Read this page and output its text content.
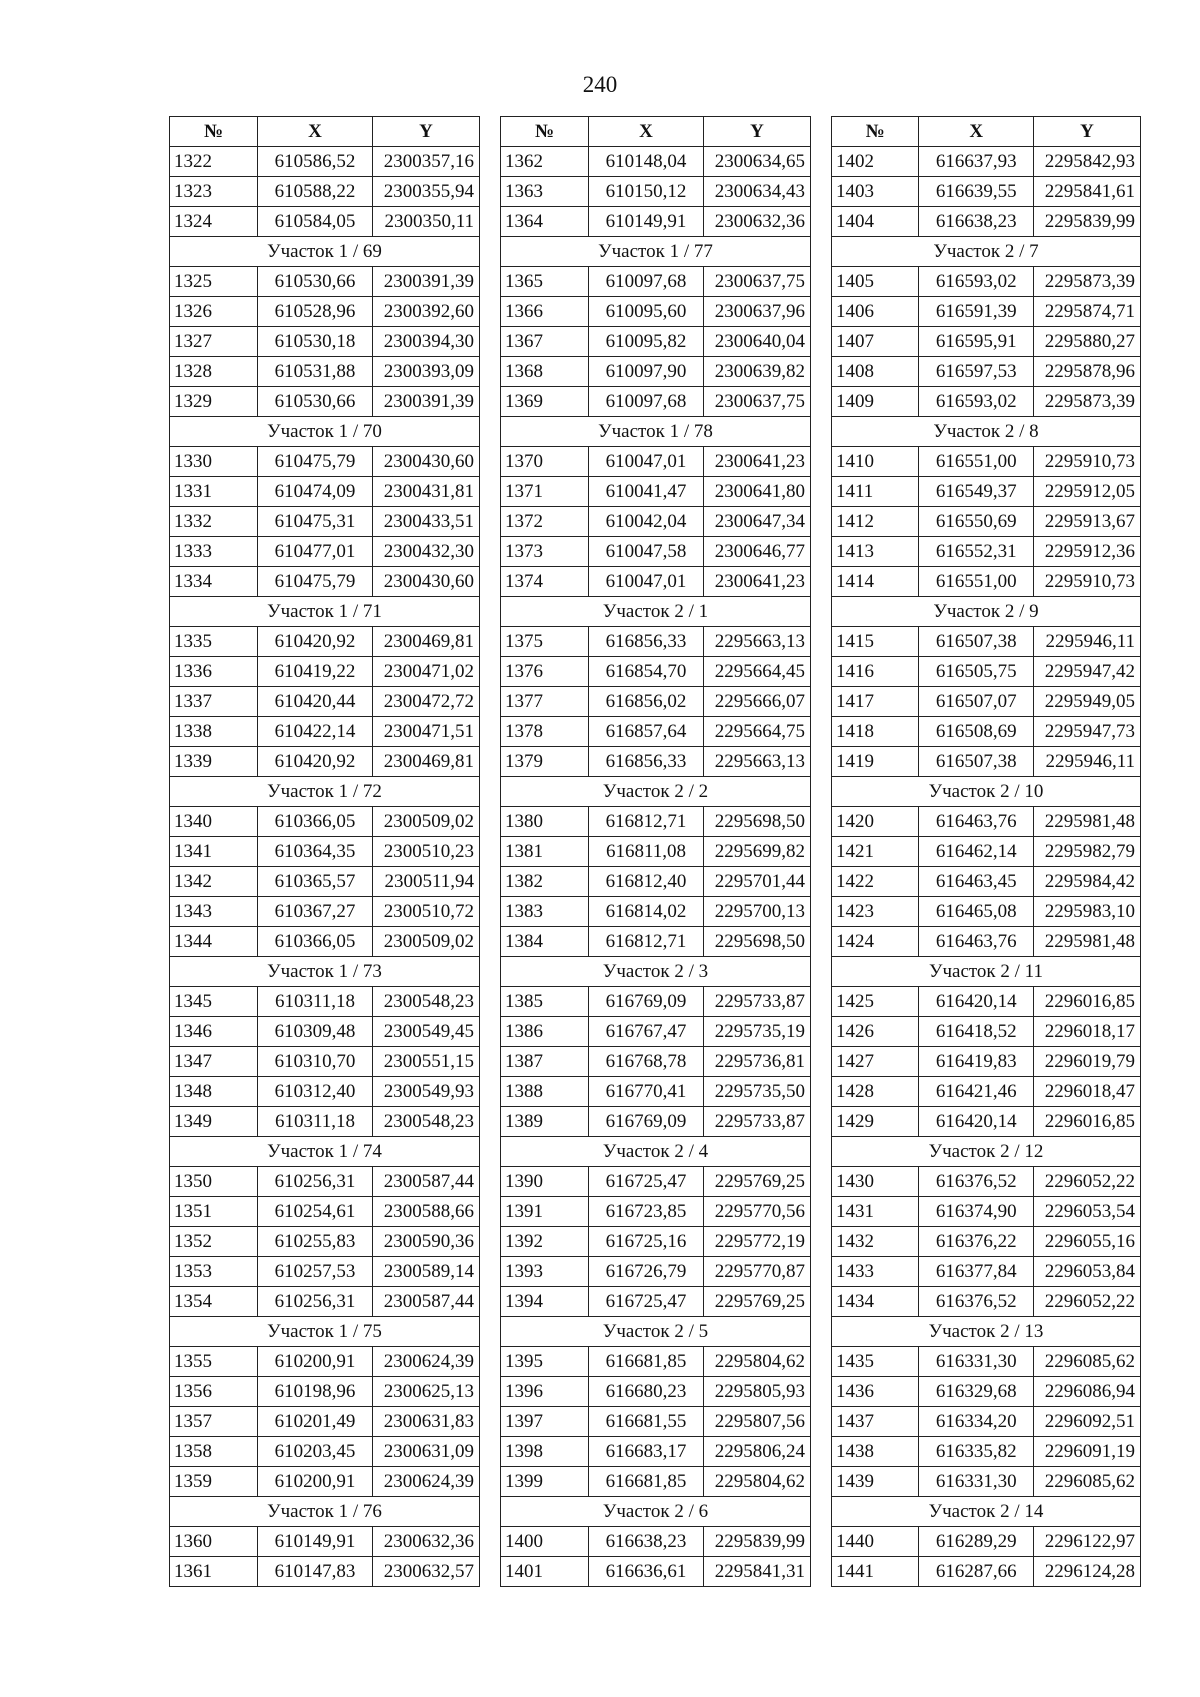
240
№	X	Y
1322	610586,52	2300357,16
1323	610588,22	2300355,94
1324	610584,05	2300350,11
Участок 1 / 69		
1325	610530,66	2300391,39
1326	610528,96	2300392,60
1327	610530,18	2300394,30
1328	610531,88	2300393,09
1329	610530,66	2300391,39
Участок 1 / 70		
1330	610475,79	2300430,60
1331	610474,09	2300431,81
1332	610475,31	2300433,51
1333	610477,01	2300432,30
1334	610475,79	2300430,60
Участок 1 / 71		
1335	610420,92	2300469,81
1336	610419,22	2300471,02
1337	610420,44	2300472,72
1338	610422,14	2300471,51
1339	610420,92	2300469,81
Участок 1 / 72		
1340	610366,05	2300509,02
1341	610364,35	2300510,23
1342	610365,57	2300511,94
1343	610367,27	2300510,72
1344	610366,05	2300509,02
Участок 1 / 73		
1345	610311,18	2300548,23
1346	610309,48	2300549,45
1347	610310,70	2300551,15
1348	610312,40	2300549,93
1349	610311,18	2300548,23
Участок 1 / 74		
1350	610256,31	2300587,44
1351	610254,61	2300588,66
1352	610255,83	2300590,36
1353	610257,53	2300589,14
1354	610256,31	2300587,44
Участок 1 / 75		
1355	610200,91	2300624,39
1356	610198,96	2300625,13
1357	610201,49	2300631,83
1358	610203,45	2300631,09
1359	610200,91	2300624,39
Участок 1 / 76		
1360	610149,91	2300632,36
1361	610147,83	2300632,57
№	X	Y
1362	610148,04	2300634,65
1363	610150,12	2300634,43
1364	610149,91	2300632,36
Участок 1 / 77		
1365	610097,68	2300637,75
1366	610095,60	2300637,96
1367	610095,82	2300640,04
1368	610097,90	2300639,82
1369	610097,68	2300637,75
Участок 1 / 78		
1370	610047,01	2300641,23
1371	610041,47	2300641,80
1372	610042,04	2300647,34
1373	610047,58	2300646,77
1374	610047,01	2300641,23
Участок 2 / 1		
1375	616856,33	2295663,13
1376	616854,70	2295664,45
1377	616856,02	2295666,07
1378	616857,64	2295664,75
1379	616856,33	2295663,13
Участок 2 / 2		
1380	616812,71	2295698,50
1381	616811,08	2295699,82
1382	616812,40	2295701,44
1383	616814,02	2295700,13
1384	616812,71	2295698,50
Участок 2 / 3		
1385	616769,09	2295733,87
1386	616767,47	2295735,19
1387	616768,78	2295736,81
1388	616770,41	2295735,50
1389	616769,09	2295733,87
Участок 2 / 4		
1390	616725,47	2295769,25
1391	616723,85	2295770,56
1392	616725,16	2295772,19
1393	616726,79	2295770,87
1394	616725,47	2295769,25
Участок 2 / 5		
1395	616681,85	2295804,62
1396	616680,23	2295805,93
1397	616681,55	2295807,56
1398	616683,17	2295806,24
1399	616681,85	2295804,62
Участок 2 / 6		
1400	616638,23	2295839,99
1401	616636,61	2295841,31
№	X	Y
1402	616637,93	2295842,93
1403	616639,55	2295841,61
1404	616638,23	2295839,99
Участок 2 / 7		
1405	616593,02	2295873,39
1406	616591,39	2295874,71
1407	616595,91	2295880,27
1408	616597,53	2295878,96
1409	616593,02	2295873,39
Участок 2 / 8		
1410	616551,00	2295910,73
1411	616549,37	2295912,05
1412	616550,69	2295913,67
1413	616552,31	2295912,36
1414	616551,00	2295910,73
Участок 2 / 9		
1415	616507,38	2295946,11
1416	616505,75	2295947,42
1417	616507,07	2295949,05
1418	616508,69	2295947,73
1419	616507,38	2295946,11
Участок 2 / 10		
1420	616463,76	2295981,48
1421	616462,14	2295982,79
1422	616463,45	2295984,42
1423	616465,08	2295983,10
1424	616463,76	2295981,48
Участок 2 / 11		
1425	616420,14	2296016,85
1426	616418,52	2296018,17
1427	616419,83	2296019,79
1428	616421,46	2296018,47
1429	616420,14	2296016,85
Участок 2 / 12		
1430	616376,52	2296052,22
1431	616374,90	2296053,54
1432	616376,22	2296055,16
1433	616377,84	2296053,84
1434	616376,52	2296052,22
Участок 2 / 13		
1435	616331,30	2296085,62
1436	616329,68	2296086,94
1437	616334,20	2296092,51
1438	616335,82	2296091,19
1439	616331,30	2296085,62
Участок 2 / 14		
1440	616289,29	2296122,97
1441	616287,66	2296124,28
